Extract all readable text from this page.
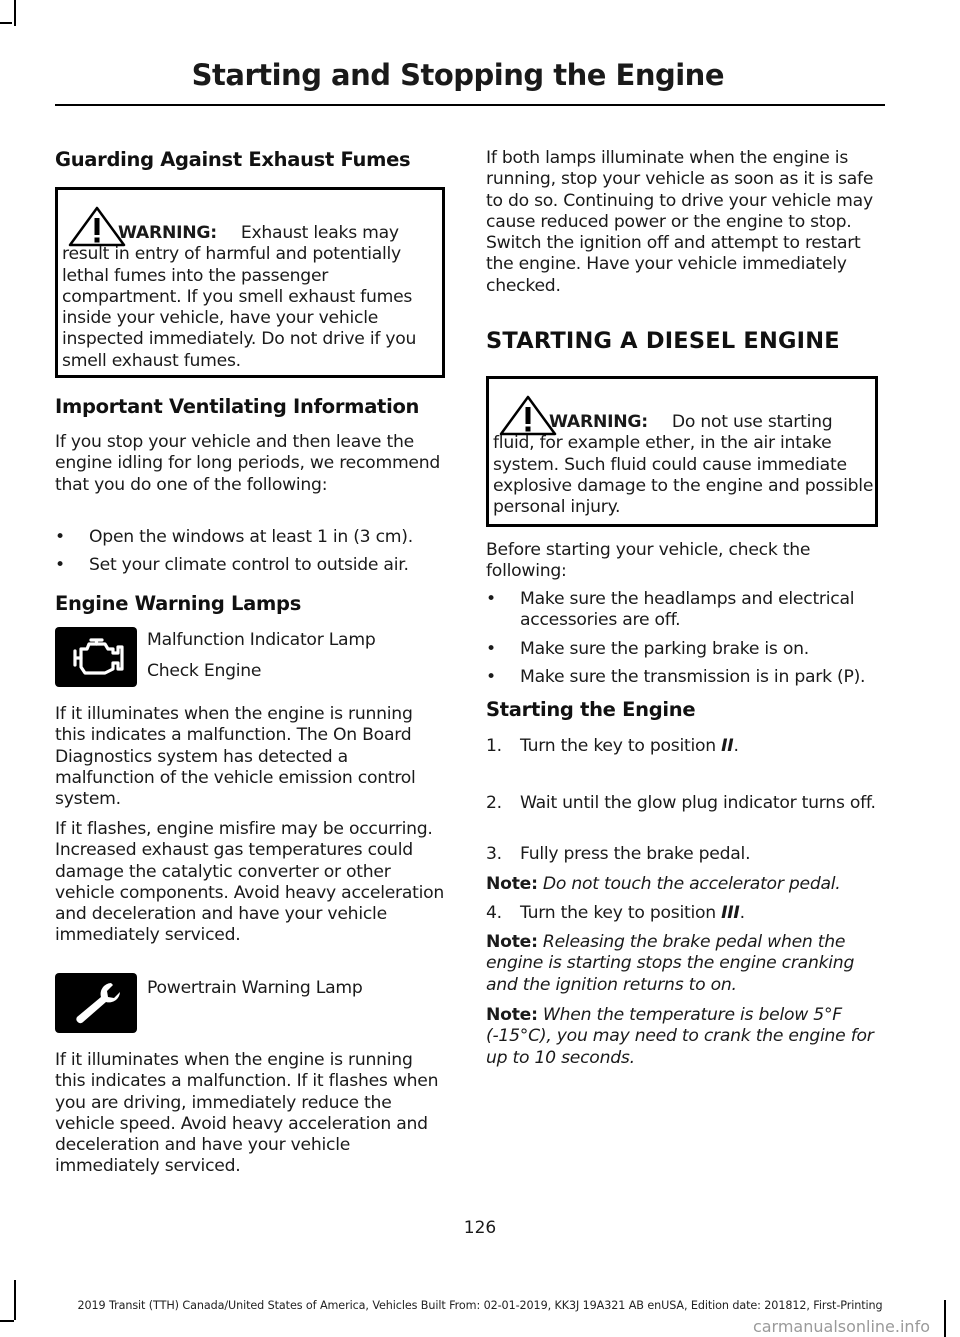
Starting and Stopping the Engine
Guarding Against Exhaust Fumes
WARNING:	Exhaust leaks may result in entry of harmful and potentially lethal fumes into the passenger compartment. If you smell exhaust fumes inside your vehicle, have your vehicle inspected immediately. Do not drive if you smell exhaust fumes.
Important Ventilating Information
If you stop your vehicle and then leave the engine idling for long periods, we recommend that you do one of the following:
• Open the windows at least 1 in (3 cm).
• Set your climate control to outside air.
Engine Warning Lamps
Malfunction Indicator Lamp
Check Engine
If it illuminates when the engine is running this indicates a malfunction. The On Board Diagnostics system has detected a malfunction of the vehicle emission control system.
If it flashes, engine misfire may be occurring. Increased exhaust gas temperatures could damage the catalytic converter or other vehicle components. Avoid heavy acceleration and deceleration and have your vehicle immediately serviced.
Powertrain Warning Lamp
If it illuminates when the engine is running this indicates a malfunction. If it flashes when you are driving, immediately reduce the vehicle speed. Avoid heavy acceleration and deceleration and have your vehicle immediately serviced.
If both lamps illuminate when the engine is running, stop your vehicle as soon as it is safe to do so. Continuing to drive your vehicle may cause reduced power or the engine to stop. Switch the ignition off and attempt to restart the engine. Have your vehicle immediately checked.
STARTING A DIESEL ENGINE
WARNING:	Do not use starting fluid, for example ether, in the air intake system. Such fluid could cause immediate explosive damage to the engine and possible personal injury.
Before starting your vehicle, check the following:
• Make sure the headlamps and electrical accessories are off.
• Make sure the parking brake is on.
• Make sure the transmission is in park (P).
Starting the Engine
1. Turn the key to position II.
2. Wait until the glow plug indicator turns off.
3. Fully press the brake pedal.
Note: Do not touch the accelerator pedal.
4. Turn the key to position III.
Note: Releasing the brake pedal when the engine is starting stops the engine cranking and the ignition returns to on.
Note: When the temperature is below 5°F (-15°C), you may need to crank the engine for up to 10 seconds.
126
2019 Transit (TTH) Canada/United States of America, Vehicles Built From: 02-01-2019, KK3J 19A321 AB enUSA, Edition date: 201812, First-Printing
carmanualsonline.info
